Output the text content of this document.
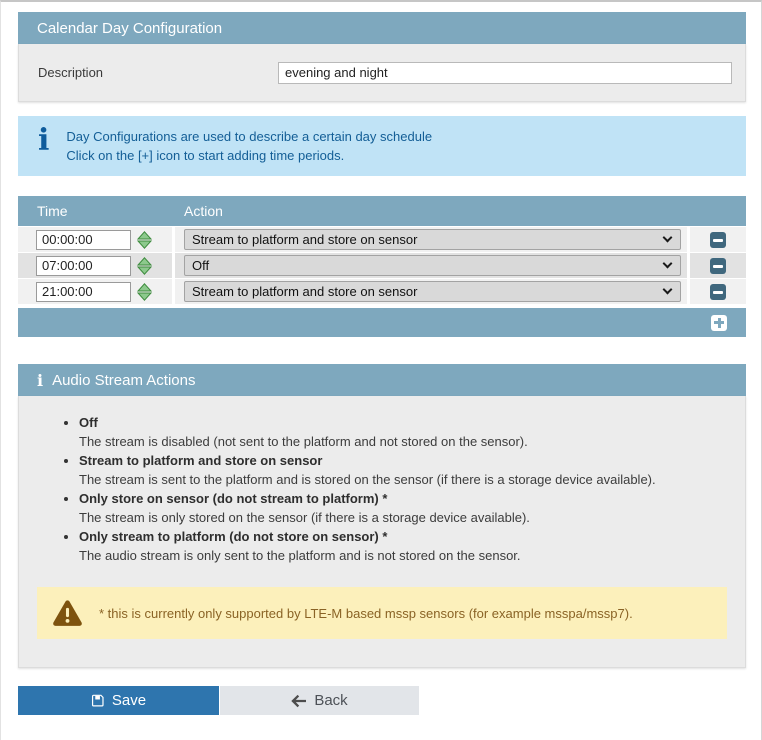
Calendar Day Configuration
Description
evening and night
i Day Configurations are used to describe a certain day schedule
Click on the [+] icon to start adding time periods.
Time	Action
00:00:00
Stream to platform and store on sensor
07:00:00
Off
21:00:00
Stream to platform and store on sensor
i Audio Stream Actions
• Off
The stream is disabled (not sent to the platform and not stored on the sensor).
• Stream to platform and store on sensor
The stream is sent to the platform and is stored on the sensor (if there is a storage device available).
• Only store on sensor (do not stream to platform) *
The stream is only stored on the sensor (if there is a storage device available).
• Only stream to platform (do not store on sensor) *
The audio stream is only sent to the platform and is not stored on the sensor.
* this is currently only supported by LTE-M based mssp sensors (for example msspa/mssp7).
Save	Back
